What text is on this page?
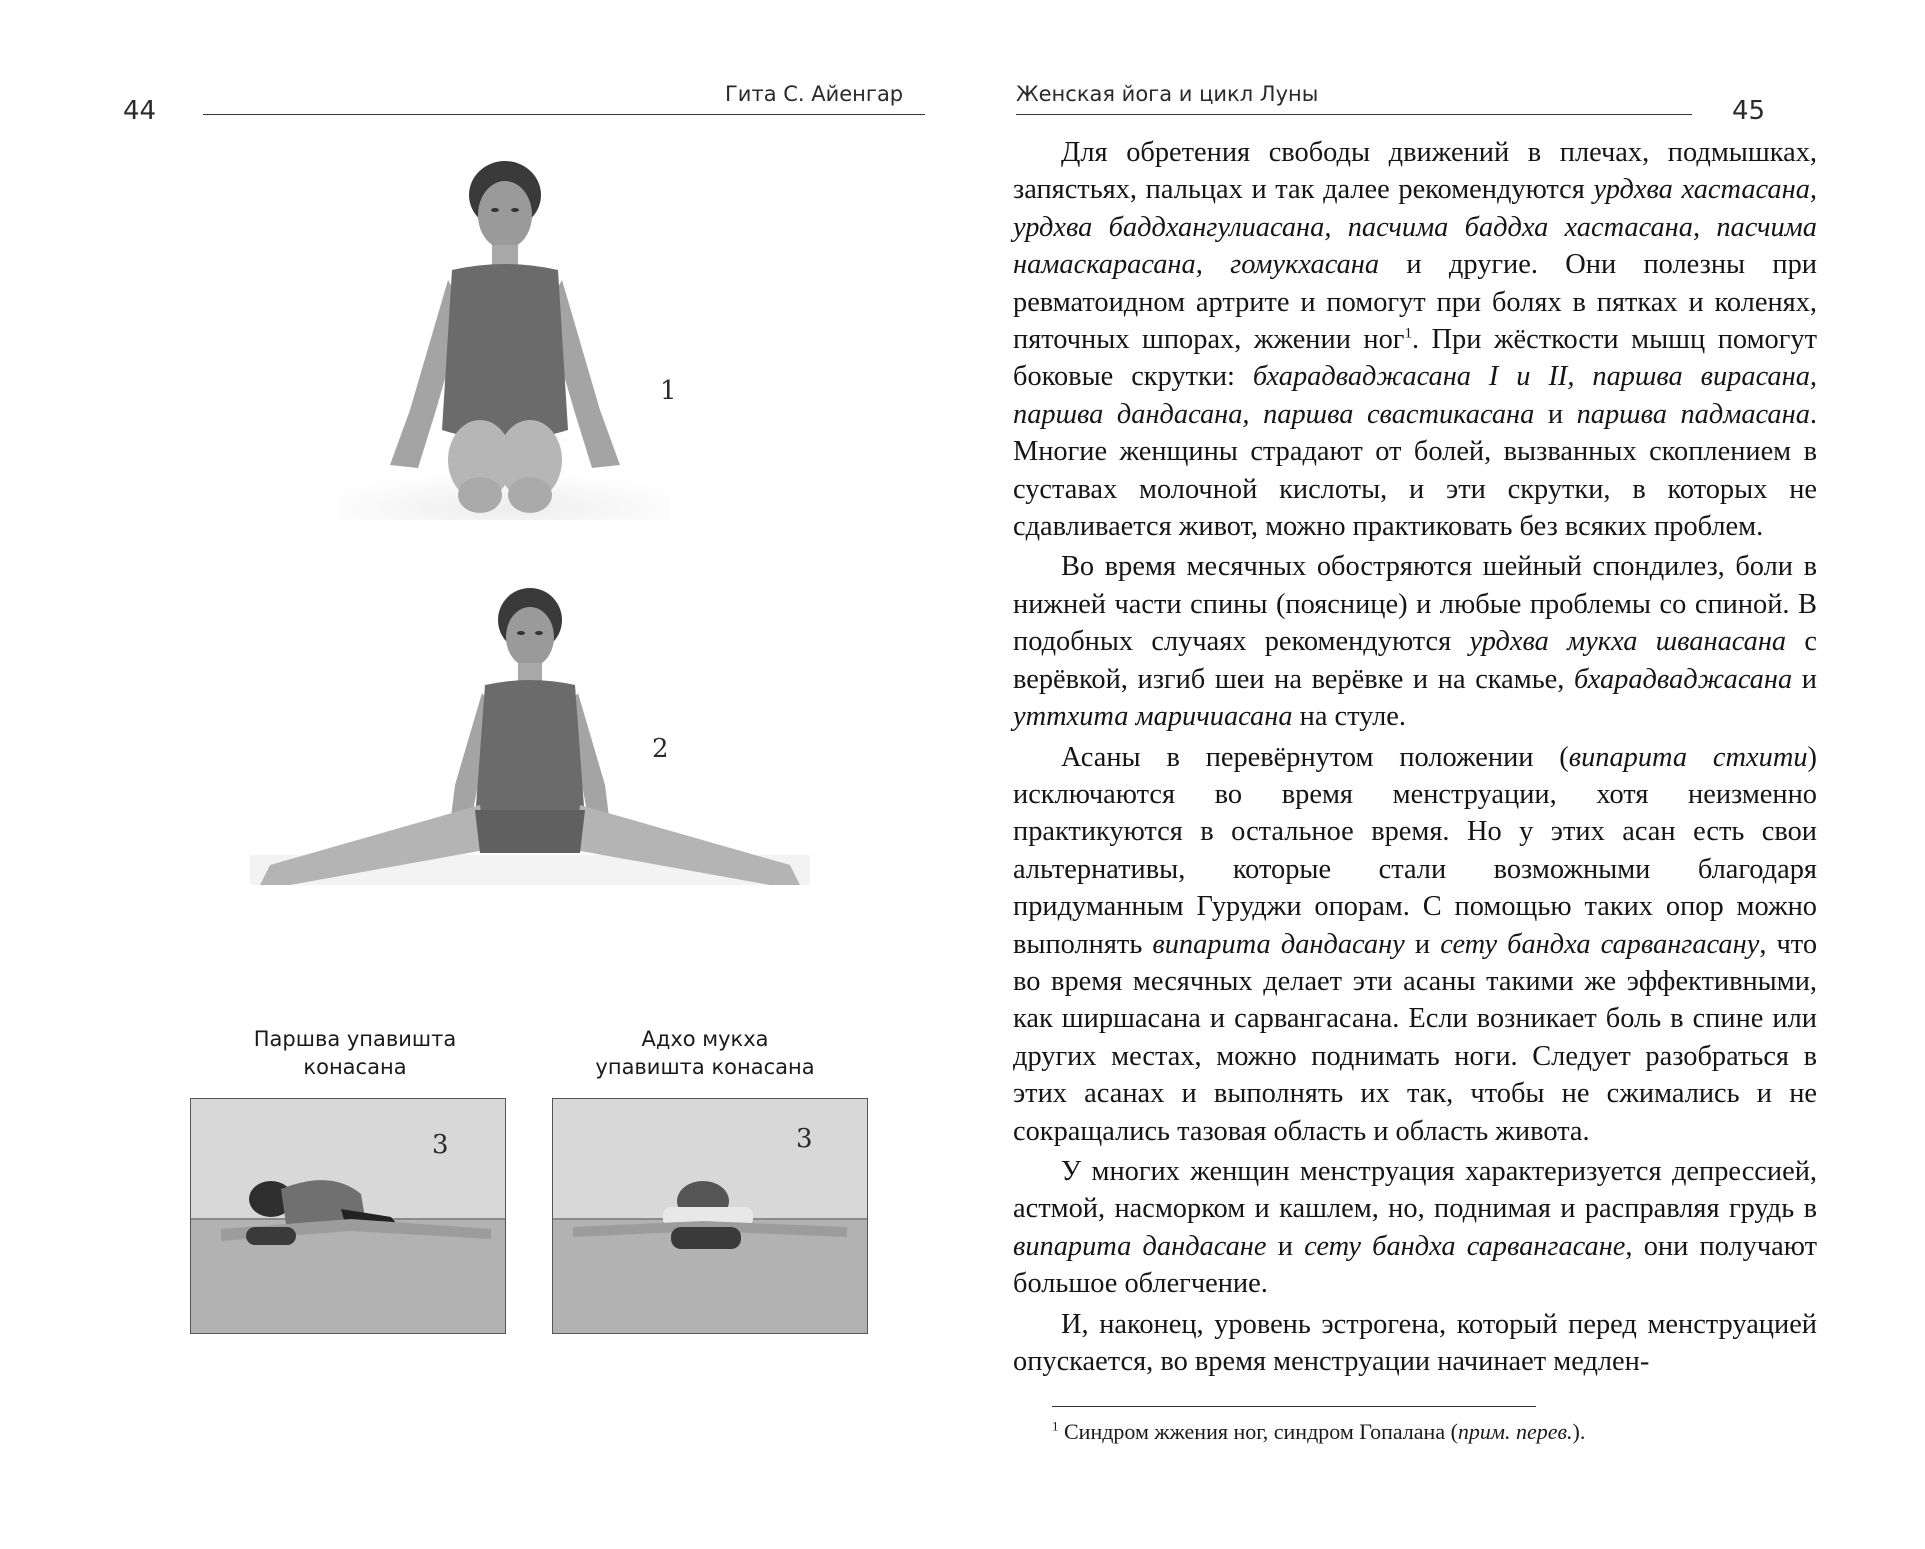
44
Гита С. Айенгар
1
2
Паршва упавишта
конасана
Адхо мукха
упавишта конасана
3	3
Женская йога и цикл Луны
45

Для обретения свободы движений в плечах, подмышках, запястьях, пальцах и так далее рекомендуются урдхва хастасана, урдхва баддхангулиасана, пасчима баддха хастасана, пасчима намаскарасана, гомукхасана и другие. Они полезны при ревматоидном артрите и помогут при болях в пятках и коленях, пяточных шпорах, жжении ног$^1$. При жёсткости мышц помогут боковые скрутки: бхарадваджасана I и II, паршва вирасана, паршва дандасана, паршва свастикасана и паршва падмасана. Многие женщины страдают от болей, вызванных скоплением в суставах молочной кислоты, и эти скрутки, в которых не сдавливается живот, можно практиковать без всяких проблем.

Во время месячных обостряются шейный спондилез, боли в нижней части спины (пояснице) и любые проблемы со спиной. В подобных случаях рекомендуются урдхва мукха шванасана с верёвкой, изгиб шеи на верёвке и на скамье, бхарадваджасана и уттхита маричиасана на стуле.

Асаны в перевёрнутом положении (випарита стхити) исключаются во время менструации, хотя неизменно практикуются в остальное время. Но у этих асан есть свои альтернативы, которые стали возможными благодаря придуманным Гуруджи опорам. С помощью таких опор можно выполнять випарита дандасану и сету бандха сарвангасану, что во время месячных делает эти асаны такими же эффективными, как ширшасана и сарвангасана. Если возникает боль в спине или других местах, можно поднимать ноги. Следует разобраться в этих асанах и выполнять их так, чтобы не сжимались и не сокращались тазовая область и область живота.

У многих женщин менструация характеризуется депрессией, астмой, насморком и кашлем, но, поднимая и расправляя грудь в випарита дандасане и сету бандха сарвангасане, они получают большое облегчение.

И, наконец, уровень эстрогена, который перед менструацией опускается, во время менструации начинает медлен-

$^1$ Синдром жжения ног, синдром Гопалана (прим. перев.).
